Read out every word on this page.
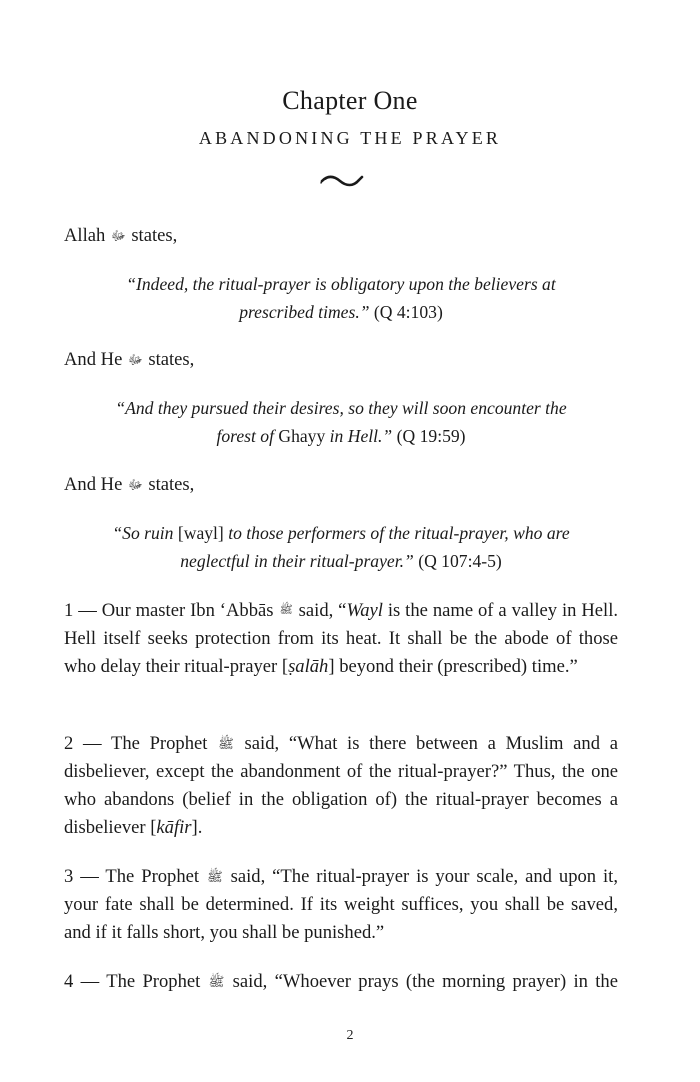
Chapter One
ABANDONING THE PRAYER
Allah ﷻ states,
“Indeed, the ritual-prayer is obligatory upon the believers at prescribed times.” (Q 4:103)
And He ﷻ states,
“And they pursued their desires, so they will soon encounter the forest of Ghayy in Hell.” (Q 19:59)
And He ﷻ states,
“So ruin [wayl] to those performers of the ritual-prayer, who are neglectful in their ritual-prayer.” (Q 107:4-5)
1 — Our master Ibn ‘Abbās ﷺ said, “Wayl is the name of a valley in Hell. Hell itself seeks protection from its heat. It shall be the abode of those who delay their ritual-prayer [ṣalāh] beyond their (prescribed) time.”
2 — The Prophet ﷺ said, “What is there between a Muslim and a disbeliever, except the abandonment of the ritual-prayer?” Thus, the one who abandons (belief in the obligation of) the ritual-prayer becomes a disbeliever [kāfir].
3 — The Prophet ﷺ said, “The ritual-prayer is your scale, and upon it, your fate shall be determined. If its weight suffices, you shall be saved, and if it falls short, you shall be punished.”
4 — The Prophet ﷺ said, “Whoever prays (the morning prayer) in the
2
